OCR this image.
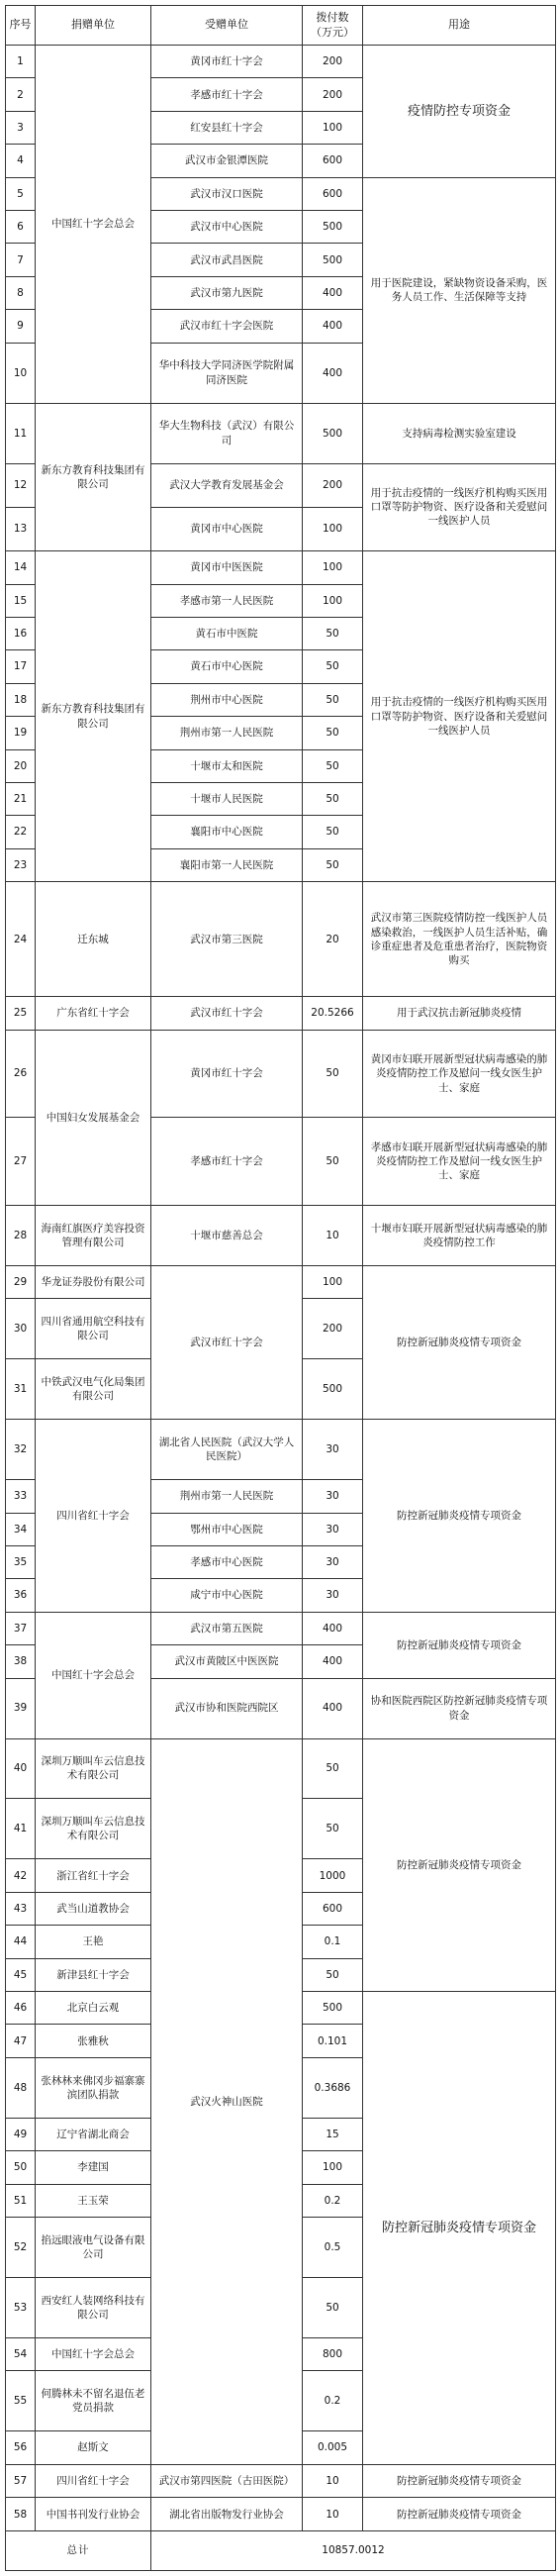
序号	捐赠单位	受赠单位	拨付数（万元）	用途
1	中国红十字会总会	黄冈市红十字会	200	疫情防控专项资金
2		孝感市红十字会	200	
3		红安县红十字会	100	
4		武汉市金银潭医院	600	
5		武汉市汉口医院	600	用于医院建设，紧缺物资设备采购，医务人员工作、生活保障等支持
6		武汉市中心医院	500	
7		武汉市武昌医院	500	
8		武汉市第九医院	400	
9		武汉市红十字会医院	400	
10		华中科技大学同济医学院附属同济医院	400	
11	新东方教育科技集团有限公司	华大生物科技（武汉）有限公司	500	支持病毒检测实验室建设
12		武汉大学教育发展基金会	200	用于抗击疫情的一线医疗机构购买医用口罩等防护物资、医疗设备和关爱慰问一线医护人员
13		黄冈市中心医院	100	
14	新东方教育科技集团有限公司	黄冈市中医医院	100	用于抗击疫情的一线医疗机构购买医用口罩等防护物资、医疗设备和关爱慰问一线医护人员
15		孝感市第一人民医院	100	
16		黄石市中医院	50	
17		黄石市中心医院	50	
18		荆州市中心医院	50	
19		荆州市第一人民医院	50	
20		十堰市太和医院	50	
21		十堰市人民医院	50	
22		襄阳市中心医院	50	
23		襄阳市第一人民医院	50	
24	迁东城	武汉市第三医院	20	武汉市第三医院疫情防控一线医护人员感染救治，一线医护人员生活补贴，确诊重症患者及危重患者治疗，医院物资购买
25	广东省红十字会	武汉市红十字会	20.5266	用于武汉抗击新冠肺炎疫情
26	中国妇女发展基金会	黄冈市红十字会	50	黄冈市妇联开展新型冠状病毒感染的肺炎疫情防控工作及慰问一线女医生护士、家庭
27		孝感市红十字会	50	孝感市妇联开展新型冠状病毒感染的肺炎疫情防控工作及慰问一线女医生护士、家庭
28	海南红旗医疗美容投资管理有限公司	十堰市慈善总会	10	十堰市妇联开展新型冠状病毒感染的肺炎疫情防控工作
29	华龙证券股份有限公司	武汉市红十字会	100	防控新冠肺炎疫情专项资金
30	四川省通用航空科技有限公司		200	
31	中铁武汉电气化局集团有限公司		500	
32	四川省红十字会	湖北省人民医院（武汉大学人民医院）	30	防控新冠肺炎疫情专项资金
33		荆州市第一人民医院	30	
34		鄂州市中心医院	30	
35		孝感市中心医院	30	
36		咸宁市中心医院	30	
37	中国红十字会总会	武汉市第五医院	400	防控新冠肺炎疫情专项资金
38		武汉市黄陂区中医医院	400	
39		武汉市协和医院西院区	400	协和医院西院区防控新冠肺炎疫情专项资金
40	深圳万顺叫车云信息技术有限公司	武汉火神山医院	50	防控新冠肺炎疫情专项资金
41	深圳万顺叫车云信息技术有限公司		50	
42	浙江省红十字会		1000	
43	武当山道教协会		600	
44	王艳		0.1	
45	新津县红十字会		50	
46	北京白云观		500	防控新冠肺炎疫情专项资金
47	张雅秋		0.101	
48	张林林来佛冈步福寨寨滨团队捐款		0.3686	
49	辽宁省湖北商会		15	
50	李建国		100	
51	王玉荣		0.2	
52	掐远眼液电气设备有限公司		0.5	
53	西安红人装网络科技有限公司		50	
54	中国红十字会总会		800	
55	何腾林未不留名退伍老党员捐款		0.2	
56	赵斯文		0.005	
57	四川省红十字会	武汉市第四医院（古田医院）	10	防控新冠肺炎疫情专项资金
58	中国书刊发行业协会	湖北省出版物发行业协会	10	防控新冠肺炎疫情专项资金
总计		10857.0012		
